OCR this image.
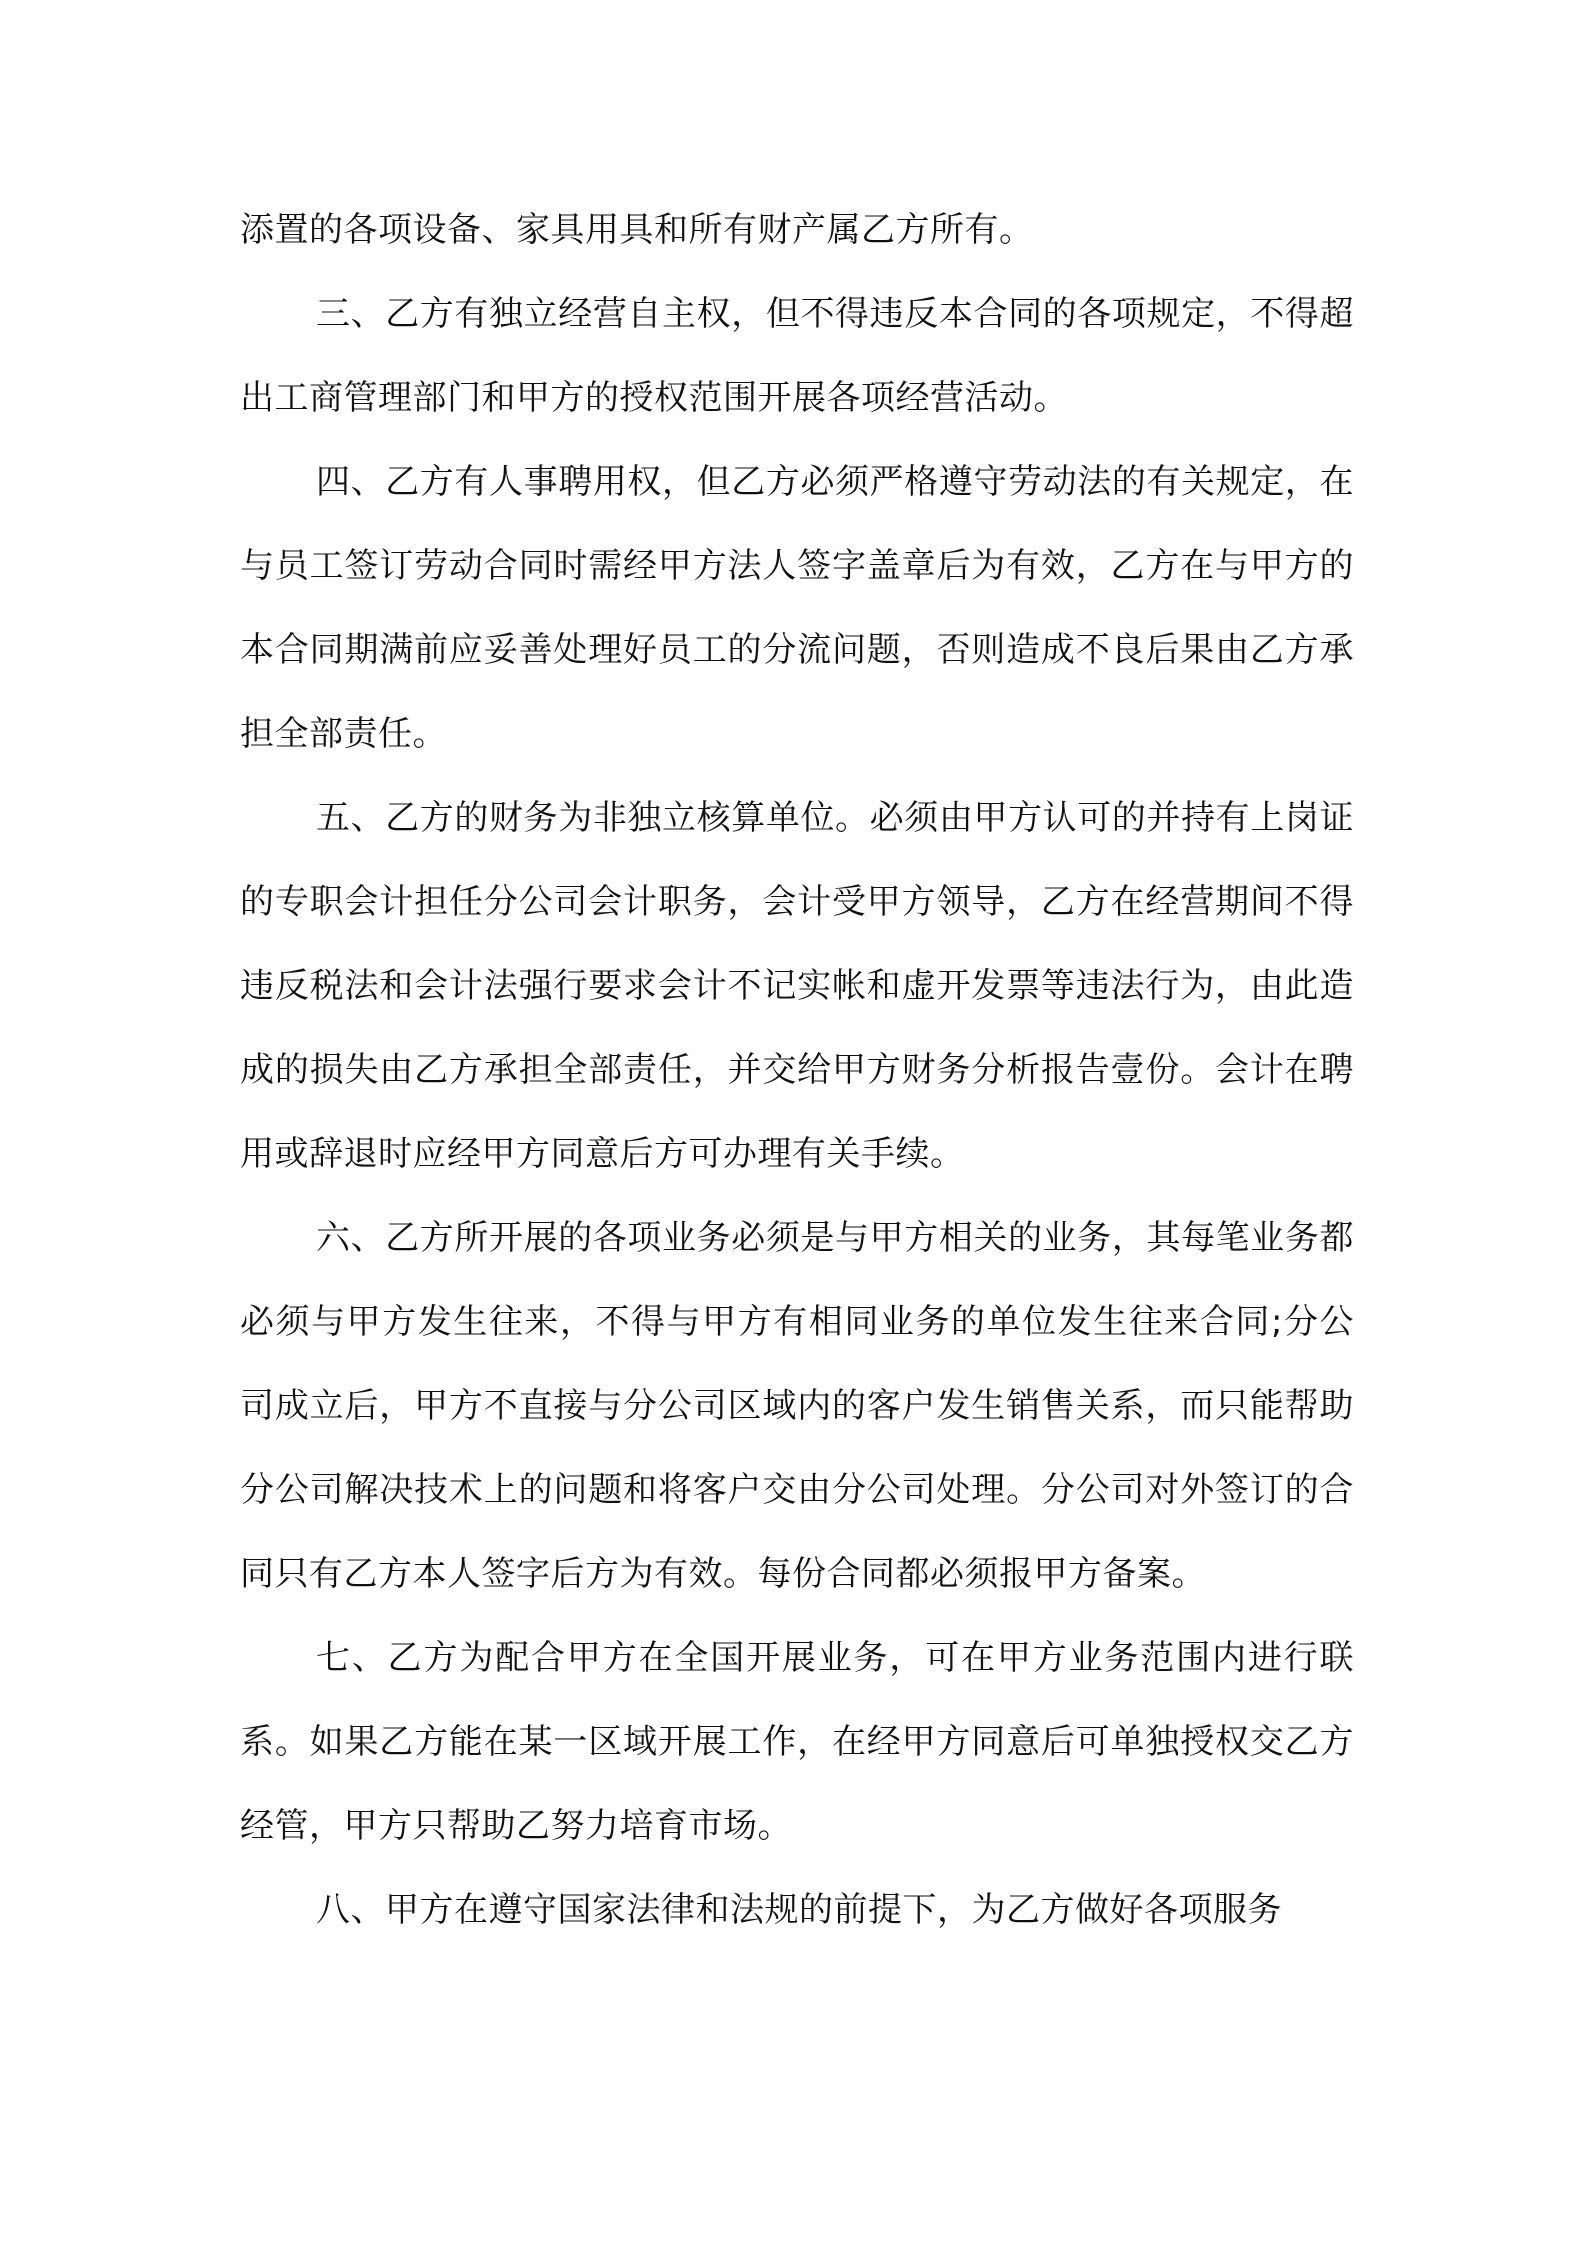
添置的各项设备、家具用具和所有财产属乙方所有。

三、乙方有独立经营自主权，但不得违反本合同的各项规定，不得超出工商管理部门和甲方的授权范围开展各项经营活动。

四、乙方有人事聘用权，但乙方必须严格遵守劳动法的有关规定，在与员工签订劳动合同时需经甲方法人签字盖章后为有效，乙方在与甲方的本合同期满前应妥善处理好员工的分流问题，否则造成不良后果由乙方承担全部责任。

五、乙方的财务为非独立核算单位。必须由甲方认可的并持有上岗证的专职会计担任分公司会计职务，会计受甲方领导，乙方在经营期间不得违反税法和会计法强行要求会计不记实帐和虚开发票等违法行为，由此造成的损失由乙方承担全部责任，并交给甲方财务分析报告壹份。会计在聘用或辞退时应经甲方同意后方可办理有关手续。

六、乙方所开展的各项业务必须是与甲方相关的业务，其每笔业务都必须与甲方发生往来，不得与甲方有相同业务的单位发生往来合同;分公司成立后，甲方不直接与分公司区域内的客户发生销售关系，而只能帮助分公司解决技术上的问题和将客户交由分公司处理。分公司对外签订的合同只有乙方本人签字后方为有效。每份合同都必须报甲方备案。

七、乙方为配合甲方在全国开展业务，可在甲方业务范围内进行联系。如果乙方能在某一区域开展工作，在经甲方同意后可单独授权交乙方经管，甲方只帮助乙努力培育市场。

八、甲方在遵守国家法律和法规的前提下，为乙方做好各项服务
